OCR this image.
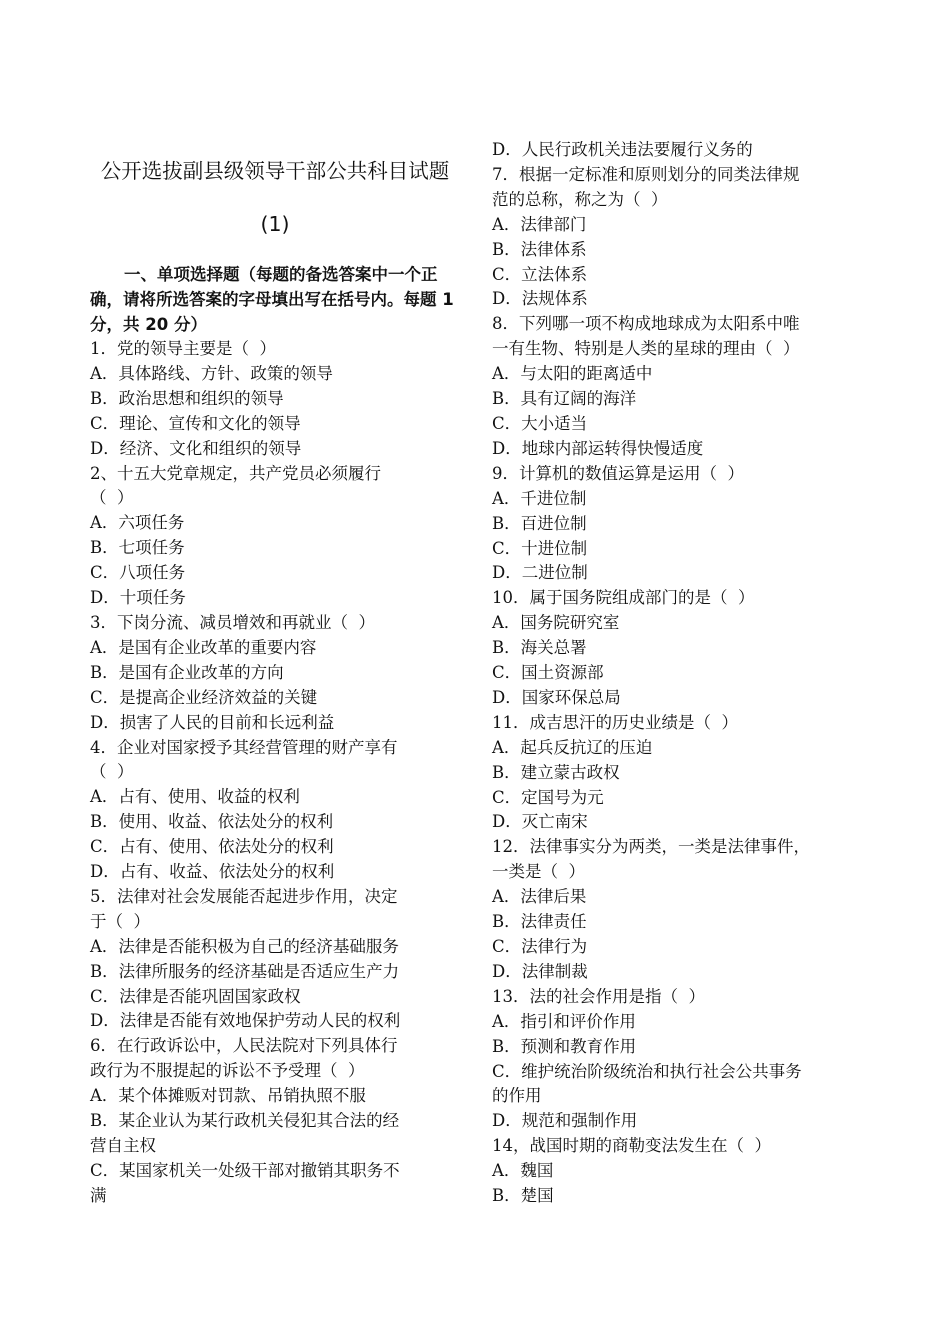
公开选拔副县级领导干部公共科目试题(1)
一、单项选择题（每题的备选答案中一个正确，请将所选答案的字母填出写在括号内。每题 1 分，共 20 分）

1．党的领导主要是（  ）

A．具体路线、方针、政策的领导

B．政治思想和组织的领导

C．理论、宣传和文化的领导

D．经济、文化和组织的领导

2、十五大党章规定，共产党员必须履行

（  ）

A．六项任务

B．七项任务

C．八项任务

D．十项任务

3．下岗分流、减员增效和再就业（  ）

A．是国有企业改革的重要内容

B．是国有企业改革的方向

C．是提高企业经济效益的关键

D．损害了人民的目前和长远利益

4．企业对国家授予其经营管理的财产享有

（  ）

A．占有、使用、收益的权利

B．使用、收益、依法处分的权利

C．占有、使用、依法处分的权利

D．占有、收益、依法处分的权利

5．法律对社会发展能否起进步作用，决定

于（  ）

A．法律是否能积极为自己的经济基础服务

B．法律所服务的经济基础是否适应生产力

C．法律是否能巩固国家政权

D．法律是否能有效地保护劳动人民的权利

6．在行政诉讼中，人民法院对下列具体行

政行为不服提起的诉讼不予受理（  ）

A．某个体摊贩对罚款、吊销执照不服

B．某企业认为某行政机关侵犯其合法的经

营自主权

C．某国家机关一处级干部对撤销其职务不

满

D．人民行政机关违法要履行义务的

7．根据一定标准和原则划分的同类法律规

范的总称，称之为（  ）

A．法律部门

B．法律体系

C．立法体系

D．法规体系

8．下列哪一项不构成地球成为太阳系中唯

一有生物、特别是人类的星球的理由（  ）

A．与太阳的距离适中

B．具有辽阔的海洋

C．大小适当

D．地球内部运转得快慢适度

9．计算机的数值运算是运用（  ）

A．千进位制

B．百进位制

C．十进位制

D．二进位制

10．属于国务院组成部门的是（  ）

A．国务院研究室

B．海关总署

C．国土资源部

D．国家环保总局

11．成吉思汗的历史业绩是（  ）

A．起兵反抗辽的压迫

B．建立蒙古政权

C．定国号为元

D．灭亡南宋

12．法律事实分为两类，一类是法律事件，

一类是（  ）

A．法律后果

B．法律责任

C．法律行为

D．法律制裁

13．法的社会作用是指（  ）

A．指引和评价作用

B．预测和教育作用

C．维护统治阶级统治和执行社会公共事务

的作用

D．规范和强制作用

14，战国时期的商勒变法发生在（  ）

A．魏国

B．楚国
